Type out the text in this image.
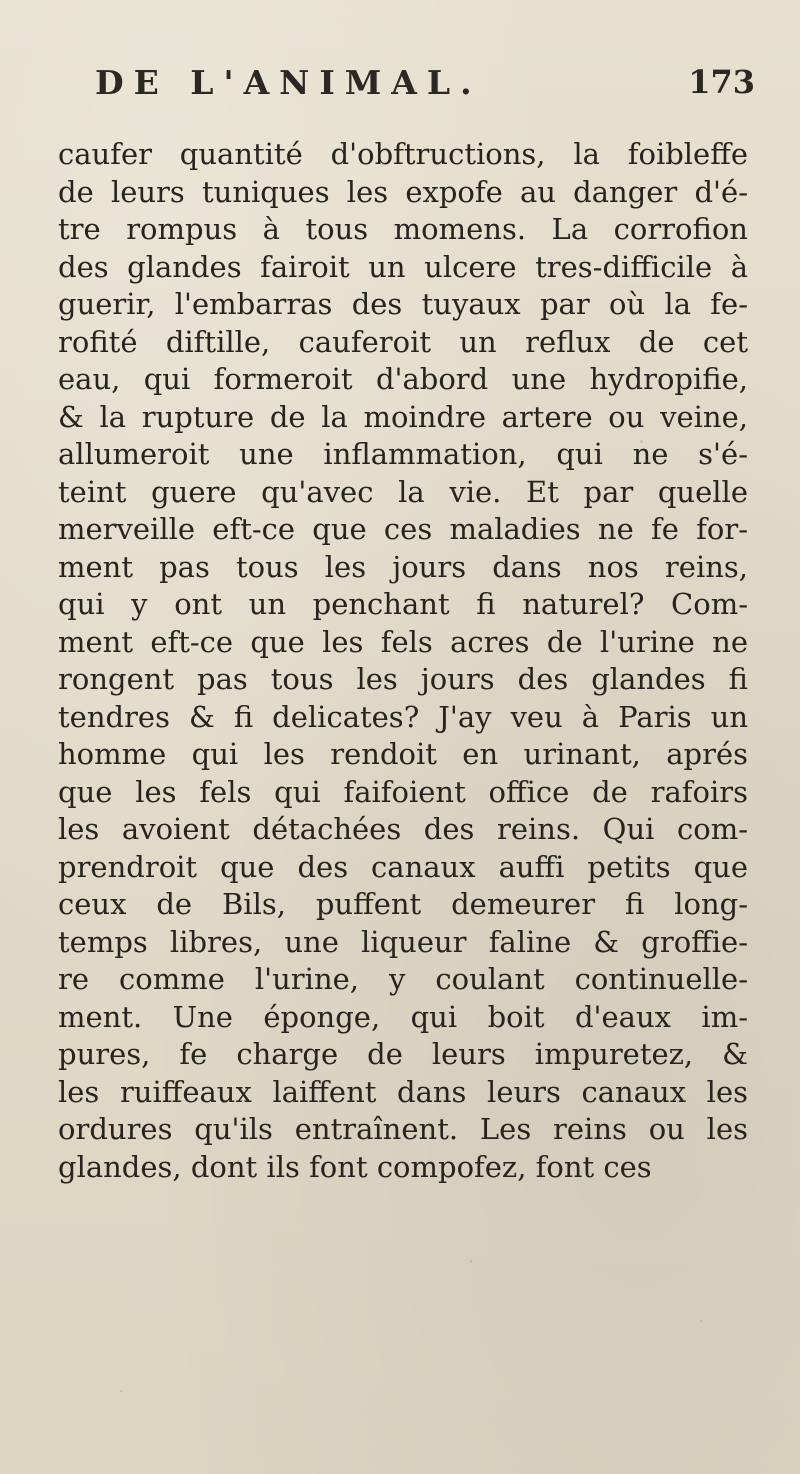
DE L'ANIMAL.	173
caufer quantité d'obftructions, la foibleffe
de leurs tuniques les expofe au danger d'é-
tre rompus à tous momens. La corrofion
des glandes fairoit un ulcere tres-difficile à
guerir, l'embarras des tuyaux par où la fe-
rofité diftille, cauferoit un reflux de cet
eau, qui formeroit d'abord une hydropifie,
& la rupture de la moindre artere ou veine,
allumeroit une inflammation, qui ne s'é-
teint guere qu'avec la vie. Et par quelle
merveille eft-ce que ces maladies ne fe for-
ment pas tous les jours dans nos reins,
qui y ont un penchant fi naturel? Com-
ment eft-ce que les fels acres de l'urine ne
rongent pas tous les jours des glandes fi
tendres & fi delicates? J'ay veu à Paris un
homme qui les rendoit en urinant, aprés
que les fels qui faifoient office de rafoirs
les avoient détachées des reins. Qui com-
prendroit que des canaux auffi petits que
ceux de Bils, puffent demeurer fi long-
temps libres, une liqueur faline & groffie-
re comme l'urine, y coulant continuelle-
ment. Une éponge, qui boit d'eaux im-
pures, fe charge de leurs impuretez, &
les ruiffeaux laiffent dans leurs canaux les
ordures qu'ils entraînent. Les reins ou les
glandes, dont ils font compofez, font ces
